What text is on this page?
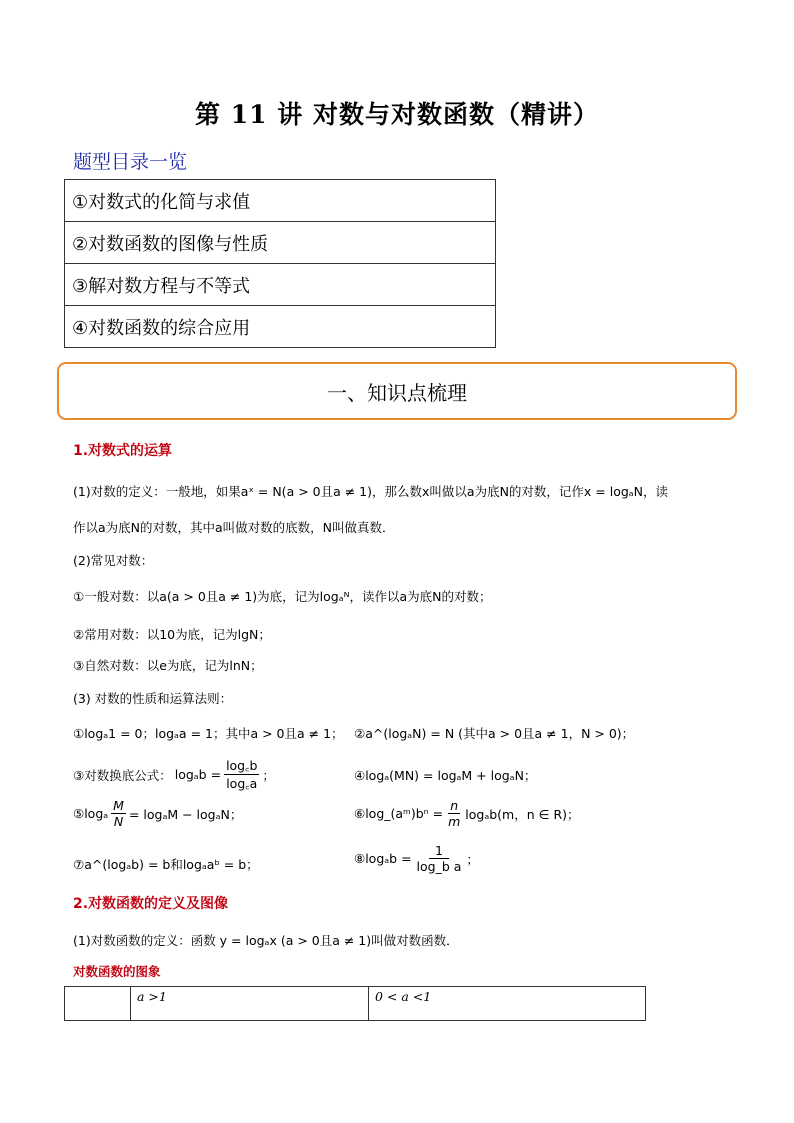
第 11 讲 对数与对数函数（精讲）
题型目录一览
①对数式的化简与求值
②对数函数的图像与性质
③解对数方程与不等式
④对数函数的综合应用
一、知识点梳理
1.对数式的运算
(1)对数的定义：一般地，如果aˣ = N(a > 0且a ≠ 1)，那么数x叫做以a为底N的对数，记作x = logₐN，读
作以a为底N的对数，其中a叫做对数的底数，N叫做真数．
(2)常见对数：
①一般对数：以a(a > 0且a ≠ 1)为底，记为logₐᴺ，读作以a为底N的对数；
②常用对数：以10为底，记为lgN；
③自然对数：以e为底，记为lnN；
(3) 对数的性质和运算法则：
①logₐ1 = 0；logₐa = 1；其中a > 0且a ≠ 1； ②a^(logₐN) = N (其中a > 0且a ≠ 1，N > 0)；
③对数换底公式： $\log_ab = \frac{\log꜀b}{\log꜀a}$ ；	④logₐ(MN) = logₐM + logₐN；
⑤logₐ $\frac{M}{N} = \log_aM - \log_aN$；	⑥log_(aᵐ)bⁿ = $\frac{n}{m} \log_ab(m$，n ∈ R)；
⑦a^(logₐb) = b和logₐaᵇ = b；	⑧logₐb = $\frac{1}{\text{log\_b a}}$ ；
2.对数函数的定义及图像
(1)对数函数的定义：函数 y = logₐx (a > 0且a ≠ 1)叫做对数函数．
对数函数的图象
	a >1	0 < a <1
